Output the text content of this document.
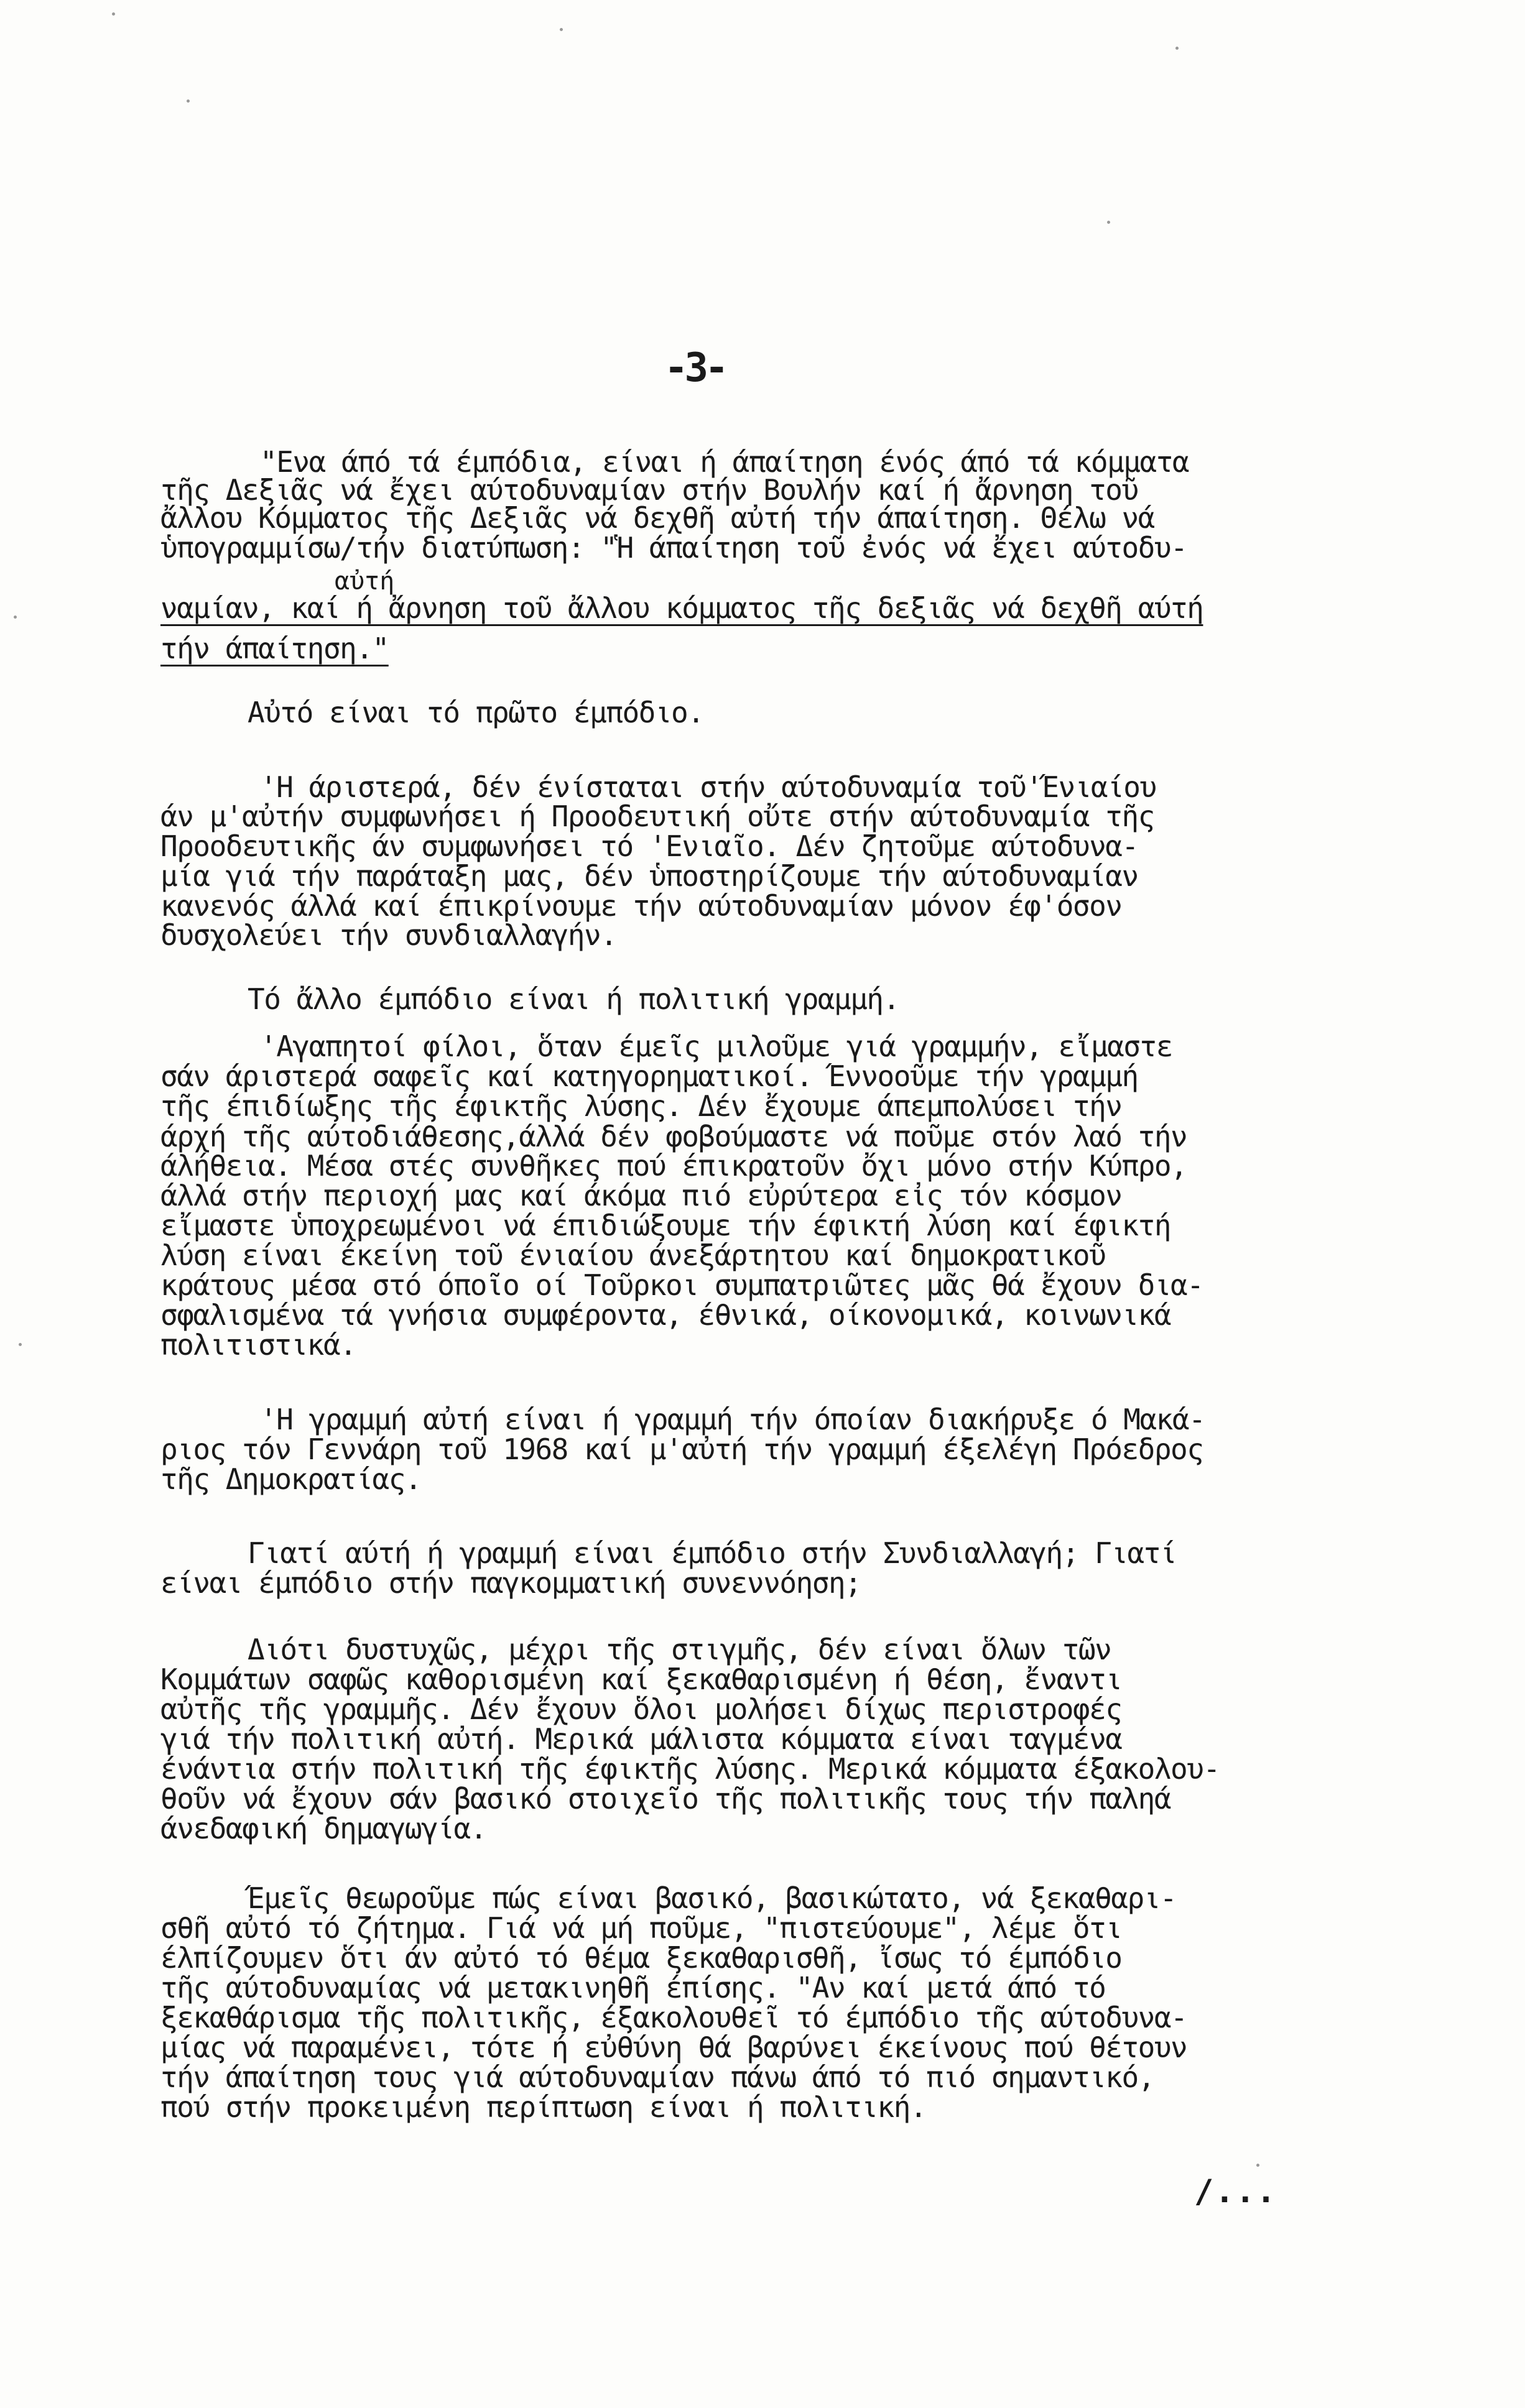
-3-
"Ενα άπό τά έμπόδια, είναι ή άπαίτηση ένός άπό τά κόμματα
τῆς Δεξιᾶς νά ἔχει αύτοδυναμίαν στήν Βουλήν καί ή ἄρνηση τοῦ
ἄλλου Κόμματος τῆς Δεξιᾶς νά δεχθῆ αὐτή τήν άπαίτηση. Θέλω νά
ὑπογραμμίσω/τήν διατύπωση: "Ἡ άπαίτηση τοῦ ἐνός νά ἔχει αύτοδυ-
αὐτή
ναμίαν, καί ή ἄρνηση τοῦ ἄλλου κόμματος τῆς δεξιᾶς νά δεχθῆ αύτή
τήν άπαίτηση."
Αὐτό είναι τό πρῶτο έμπόδιο.
'Η άριστερά, δέν ένίσταται στήν αύτοδυναμία τοῦ'Ένιαίου
άν μ'αὐτήν συμφωνήσει ή Προοδευτική οὔτε στήν αύτοδυναμία τῆς
Προοδευτικῆς άν συμφωνήσει τό 'Ενιαῖο. Δέν ζητοῦμε αύτοδυνα-
μία γιά τήν παράταξη μας, δέν ὑποστηρίζουμε τήν αύτοδυναμίαν
κανενός άλλά καί έπικρίνουμε τήν αύτοδυναμίαν μόνον έφ'όσον
δυσχολεύει τήν συνδιαλλαγήν.
Τό ἄλλο έμπόδιο είναι ή πολιτική γραμμή.
'Αγαπητοί φίλοι, ὅταν έμεῖς μιλοῦμε γιά γραμμήν, εἴμαστε
σάν άριστερά σαφεῖς καί κατηγορηματικοί. Έννοοῦμε τήν γραμμή
τῆς έπιδίωξης τῆς έφικτῆς λύσης. Δέν ἔχουμε άπεμπολύσει τήν
άρχή τῆς αύτοδιάθεσης,άλλά δέν φοβούμαστε νά ποῦμε στόν λαό τήν
άλήθεια. Μέσα στές συνθῆκες πού έπικρατοῦν ὄχι μόνο στήν Κύπρο,
άλλά στήν περιοχή μας καί άκόμα πιό εὐρύτερα εἰς τόν κόσμον
εἴμαστε ὑποχρεωμένοι νά έπιδιώξουμε τήν έφικτή λύση καί έφικτή
λύση είναι έκείνη τοῦ ένιαίου άνεξάρτητου καί δημοκρατικοῦ
κράτους μέσα στό όποῖο οί Τοῦρκοι συμπατριῶτες μᾶς θά ἔχουν δια-
σφαλισμένα τά γνήσια συμφέροντα, έθνικά, οίκονομικά, κοινωνικά
πολιτιστικά.
'Η γραμμή αὐτή είναι ή γραμμή τήν όποίαν διακήρυξε ό Μακά-
ριος τόν Γεννάρη τοῦ 1968 καί μ'αὐτή τήν γραμμή έξελέγη Πρόεδρος
τῆς Δημοκρατίας.
Γιατί αύτή ή γραμμή είναι έμπόδιο στήν Συνδιαλλαγή; Γιατί
είναι έμπόδιο στήν παγκομματική συνεννόηση;
Διότι δυστυχῶς, μέχρι τῆς στιγμῆς, δέν είναι ὅλων τῶν
Κομμάτων σαφῶς καθορισμένη καί ξεκαθαρισμένη ή θέση, ἔναντι
αὐτῆς τῆς γραμμῆς. Δέν ἔχουν ὅλοι μολήσει δίχως περιστροφές
γιά τήν πολιτική αὐτή. Μερικά μάλιστα κόμματα είναι ταγμένα
ένάντια στήν πολιτική τῆς έφικτῆς λύσης. Μερικά κόμματα έξακολου-
θοῦν νά ἔχουν σάν βασικό στοιχεῖο τῆς πολιτικῆς τους τήν παληά
άνεδαφική δημαγωγία.
Έμεῖς θεωροῦμε πώς είναι βασικό, βασικώτατο, νά ξεκαθαρι-
σθῆ αὐτό τό ζήτημα. Γιά νά μή ποῦμε, "πιστεύουμε", λέμε ὅτι
έλπίζουμεν ὅτι άν αὐτό τό θέμα ξεκαθαρισθῆ, ἴσως τό έμπόδιο
τῆς αύτοδυναμίας νά μετακινηθῆ έπίσης. "Αν καί μετά άπό τό
ξεκαθάρισμα τῆς πολιτικῆς, έξακολουθεῖ τό έμπόδιο τῆς αύτοδυνα-
μίας νά παραμένει, τότε ή εὐθύνη θά βαρύνει έκείνους πού θέτουν
τήν άπαίτηση τους γιά αύτοδυναμίαν πάνω άπό τό πιό σημαντικό,
πού στήν προκειμένη περίπτωση είναι ή πολιτική.
/...
